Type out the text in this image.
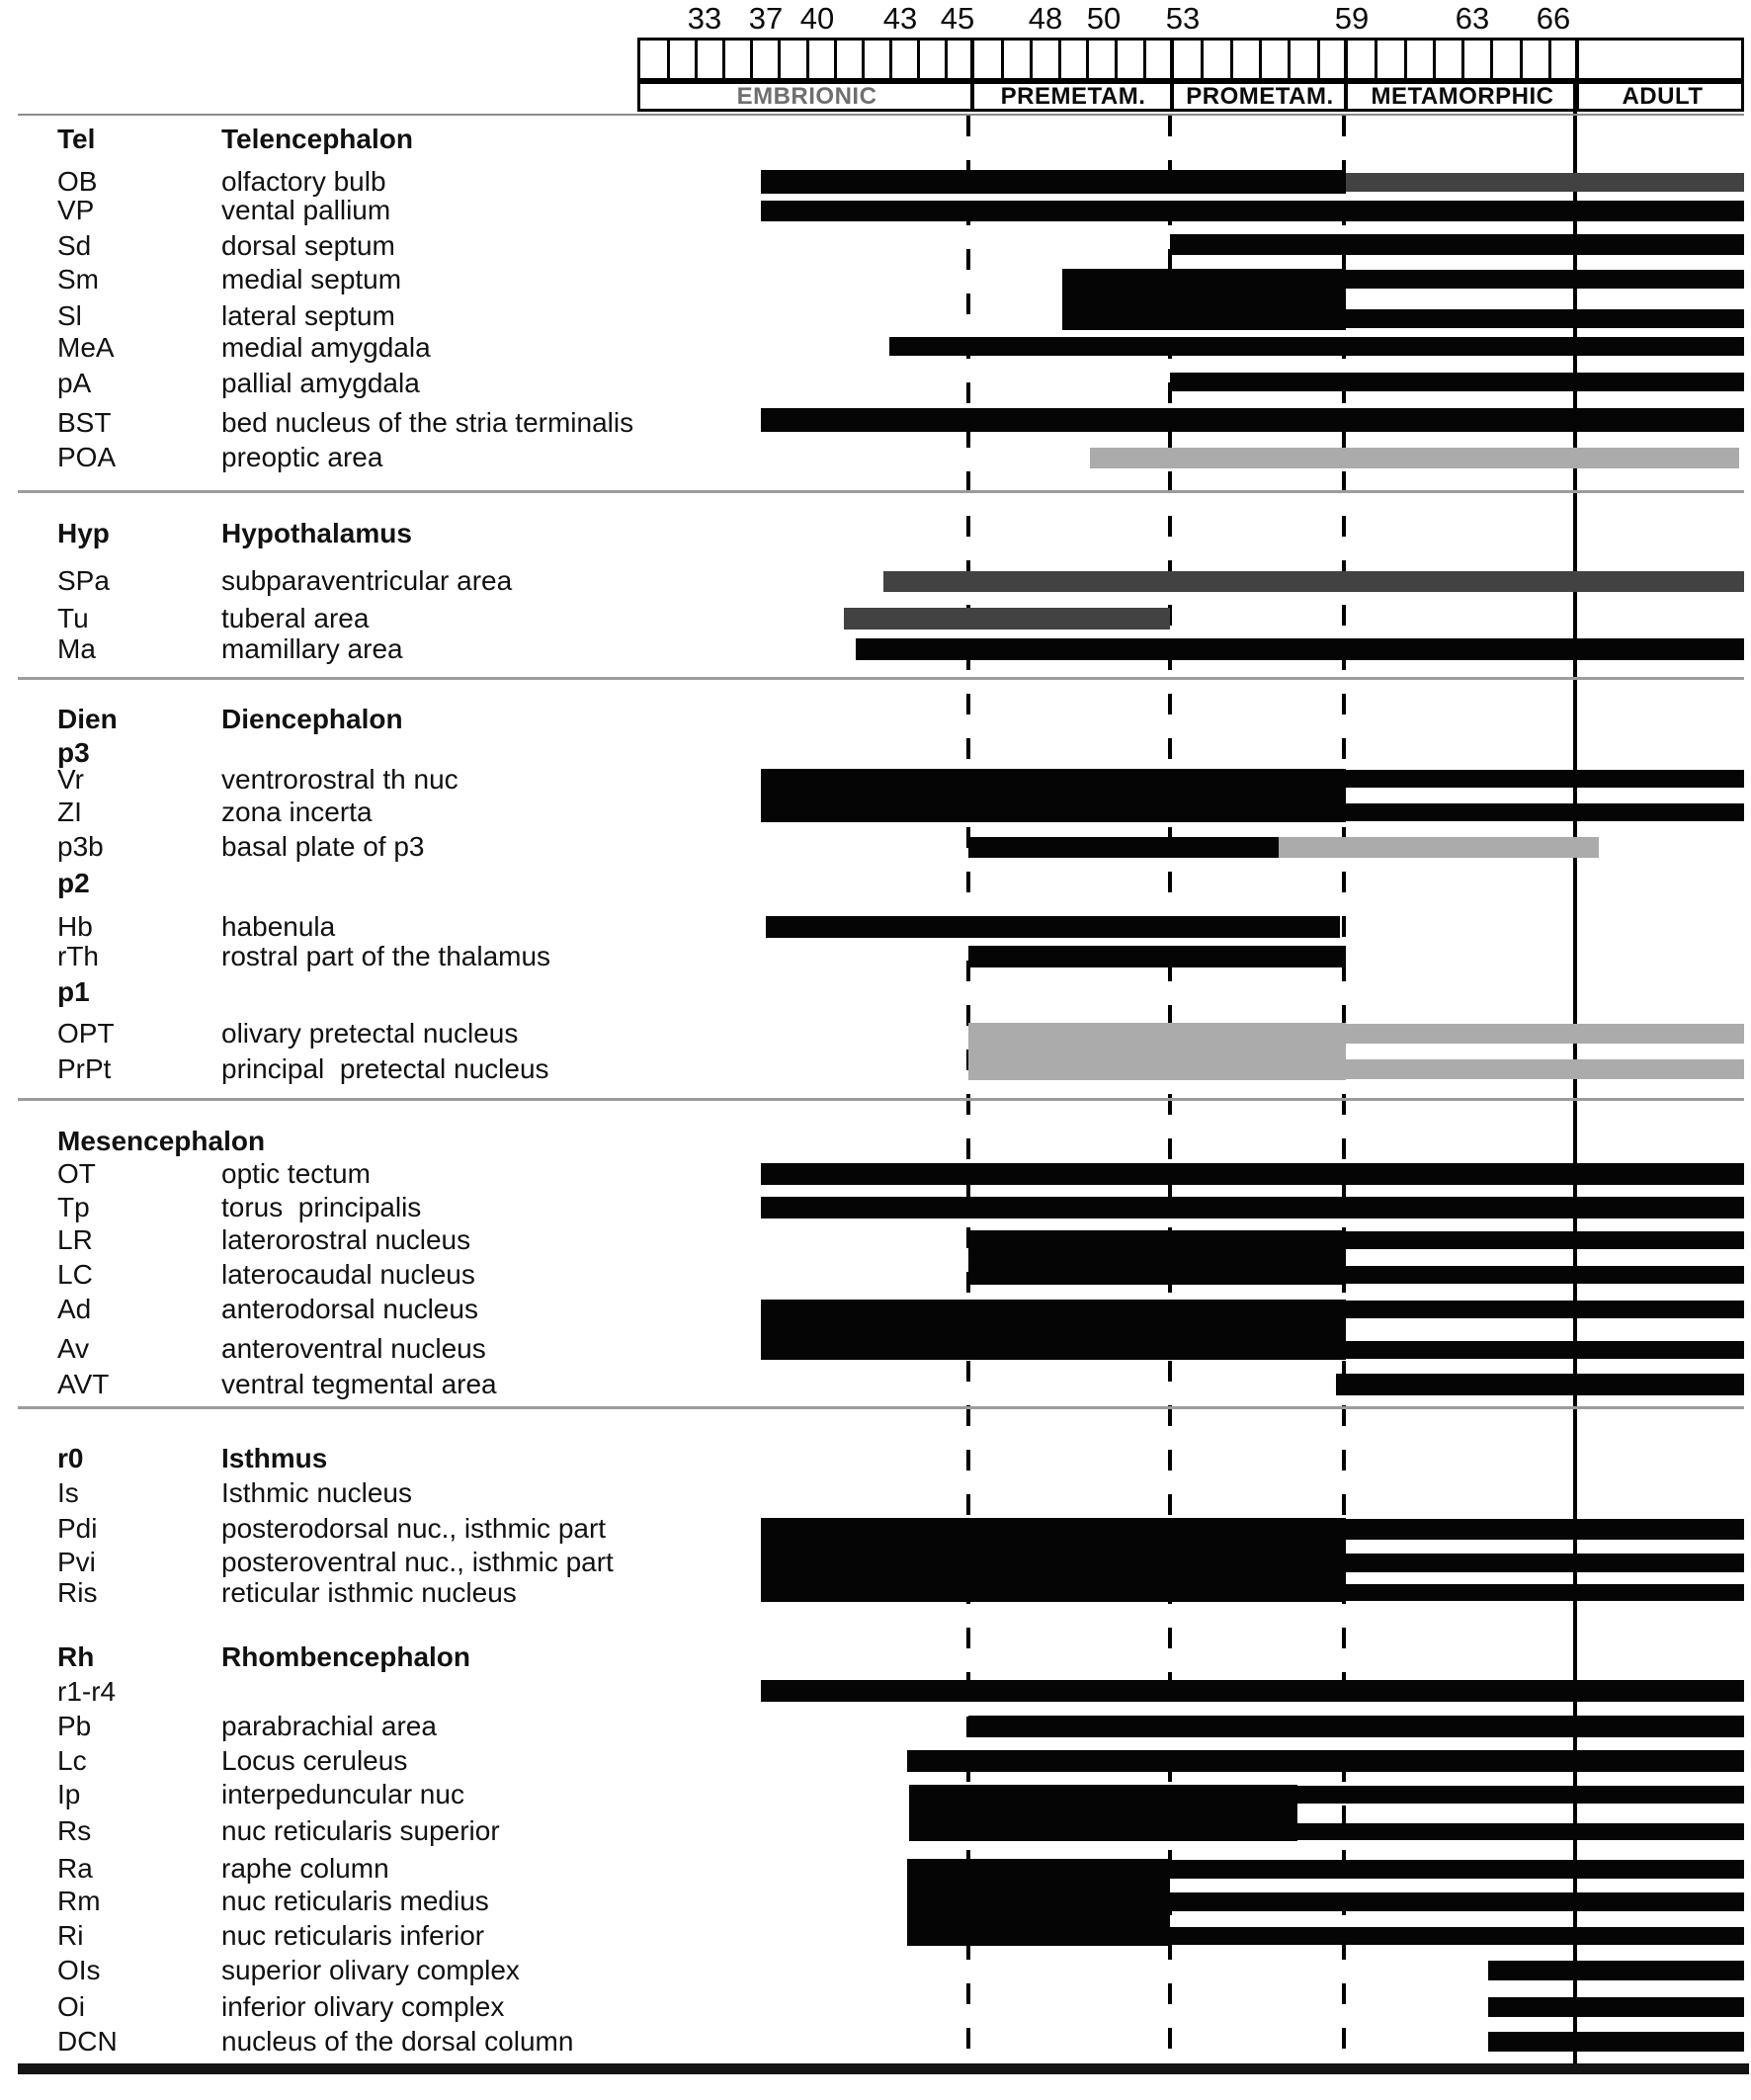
33 37 40 43 45 48 50 53	59	63 66
EMBRIONIC	PREMETAM.	PROMETAM.	METAMORPHIC	ADULT
Tel	Telencephalon
OB	olfactory bulb
VP	vental pallium
Sd	dorsal septum
Sm	medial septum
Sl	lateral septum
MeA	medial amygdala
pA	pallial amygdala
BST	bed nucleus of the stria terminalis
POA	preoptic area
Hyp	Hypothalamus
SPa	subparaventricular area
Tu	tuberal area
Ma	mamillary area
Dien	Diencephalon
p3
Vr	ventrorostral th nuc
ZI	zona incerta
p3b	basal plate of p3
p2
Hb	habenula
rTh	rostral part of the thalamus
p1
OPT	olivary pretectal nucleus
PrPt	principal  pretectal nucleus
Mesencephalon
OT	optic tectum
Tp	torus  principalis
LR	laterorostral nucleus
LC	laterocaudal nucleus
Ad	anterodorsal nucleus
Av	anteroventral nucleus
AVT	ventral tegmental area
r0	Isthmus
Is	Isthmic nucleus
Pdi	posterodorsal nuc., isthmic part
Pvi	posteroventral nuc., isthmic part
Ris	reticular isthmic nucleus
Rh	Rhombencephalon
r1-r4
Pb	parabrachial area
Lc	Locus ceruleus
Ip	interpeduncular nuc
Rs	nuc reticularis superior
Ra	raphe column
Rm	nuc reticularis medius
Ri	nuc reticularis inferior
OIs	superior olivary complex
Oi	inferior olivary complex
DCN	nucleus of the dorsal column
